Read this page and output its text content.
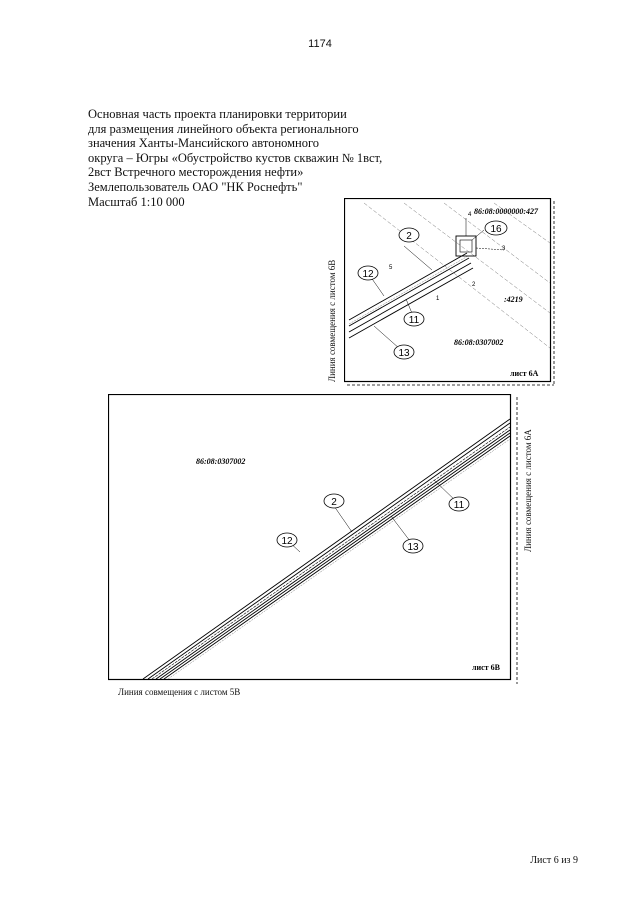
1174
Основная часть проекта планировки территории
для размещения линейного объекта регионального
значения Ханты-Мансийского автономного
округа – Югры «Обустройство кустов скважин № 1вст,
2вст Встречного месторождения нефти»
Землепользователь ОАО "НК Роснефть"
Масштаб 1:10 000
2
16
12
11
13
4
5
3
2
1
86:08:0000000:427
:4219
86:08:0307002
лист 6А
Линия совмещения с листом 6В
2	11
12
13
86:08:0307002
лист 6В
Линия совмещения с листом 6А
Линия совмещения с листом 5В
Лист 6 из 9
